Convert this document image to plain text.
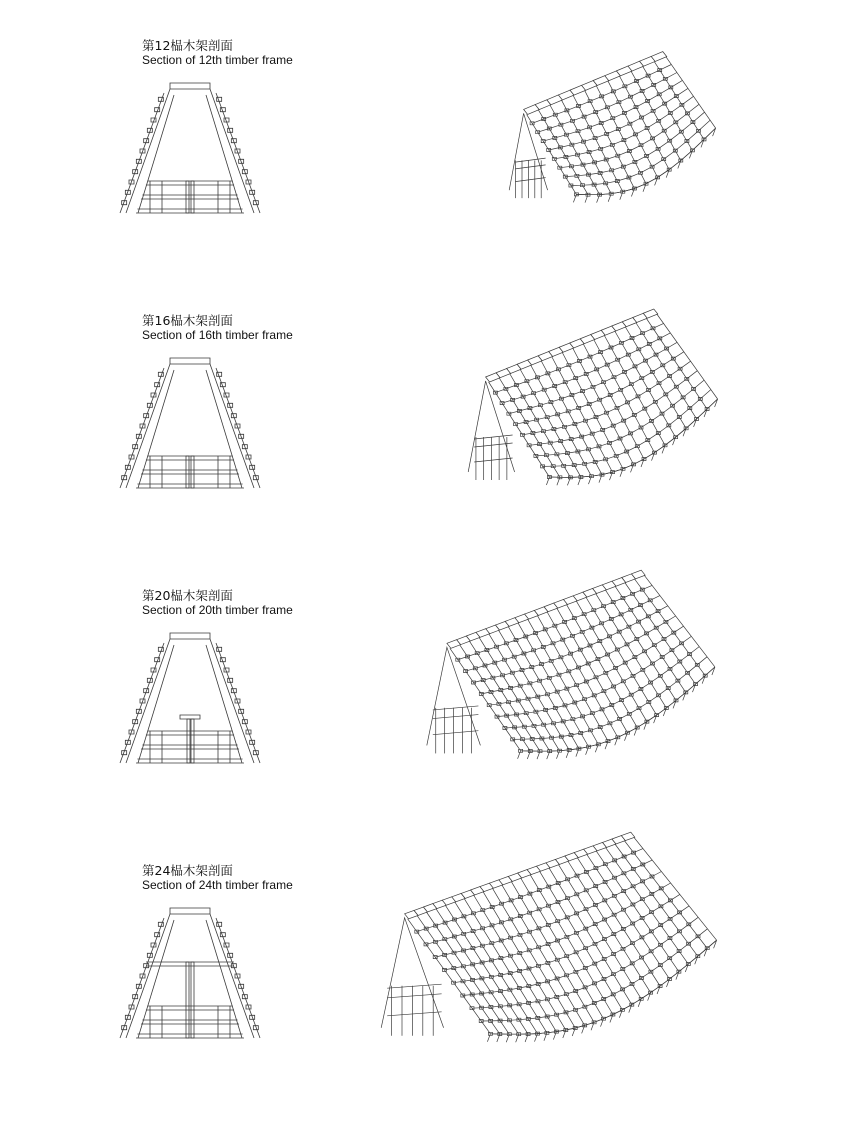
第12榀木架剖面
Section of 12th timber frame
第16榀木架剖面
Section of 16th timber frame
第20榀木架剖面
Section of 20th timber frame
第24榀木架剖面
Section of 24th timber frame
